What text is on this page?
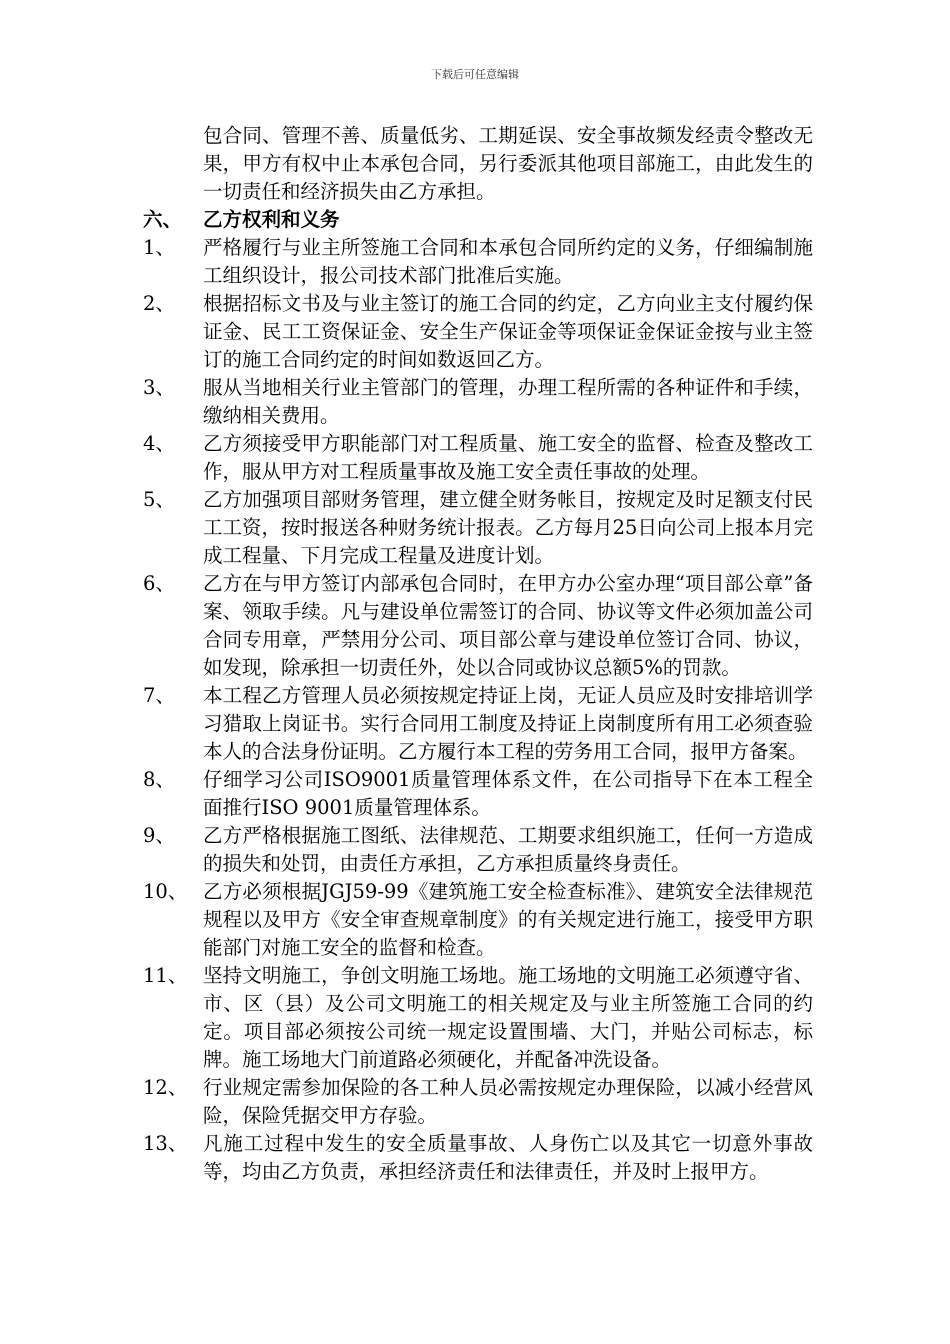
下载后可任意编辑
包合同、管理不善、质量低劣、工期延误、安全事故频发经责令整改无果，甲方有权中止本承包合同，另行委派其他项目部施工，由此发生的一切责任和经济损失由乙方承担。
六、 乙方权利和义务
1、 严格履行与业主所签施工合同和本承包合同所约定的义务，仔细编制施工组织设计，报公司技术部门批准后实施。
2、 根据招标文书及与业主签订的施工合同的约定，乙方向业主支付履约保证金、民工工资保证金、安全生产保证金等项保证金保证金按与业主签订的施工合同约定的时间如数返回乙方。
3、 服从当地相关行业主管部门的管理，办理工程所需的各种证件和手续，缴纳相关费用。
4、 乙方须接受甲方职能部门对工程质量、施工安全的监督、检查及整改工作，服从甲方对工程质量事故及施工安全责任事故的处理。
5、 乙方加强项目部财务管理，建立健全财务帐目，按规定及时足额支付民工工资，按时报送各种财务统计报表。乙方每月25日向公司上报本月完成工程量、下月完成工程量及进度计划。
6、 乙方在与甲方签订内部承包合同时，在甲方办公室办理“项目部公章”备案、领取手续。凡与建设单位需签订的合同、协议等文件必须加盖公司合同专用章，严禁用分公司、项目部公章与建设单位签订合同、协议，如发现，除承担一切责任外，处以合同或协议总额5%的罚款。
7、 本工程乙方管理人员必须按规定持证上岗，无证人员应及时安排培训学习猎取上岗证书。实行合同用工制度及持证上岗制度所有用工必须查验本人的合法身份证明。乙方履行本工程的劳务用工合同，报甲方备案。
8、 仔细学习公司ISO9001质量管理体系文件，在公司指导下在本工程全面推行ISO 9001质量管理体系。
9、 乙方严格根据施工图纸、法律规范、工期要求组织施工，任何一方造成的损失和处罚，由责任方承担，乙方承担质量终身责任。
10、 乙方必须根据JGJ59-99《建筑施工安全检查标准》、建筑安全法律规范规程以及甲方《安全审查规章制度》的有关规定进行施工，接受甲方职能部门对施工安全的监督和检查。
11、 坚持文明施工，争创文明施工场地。施工场地的文明施工必须遵守省、市、区（县）及公司文明施工的相关规定及与业主所签施工合同的约定。项目部必须按公司统一规定设置围墙、大门，并贴公司标志，标牌。施工场地大门前道路必须硬化，并配备冲洗设备。
12、 行业规定需参加保险的各工种人员必需按规定办理保险，以减小经营风险，保险凭据交甲方存验。
13、 凡施工过程中发生的安全质量事故、人身伤亡以及其它一切意外事故等，均由乙方负责，承担经济责任和法律责任，并及时上报甲方。
